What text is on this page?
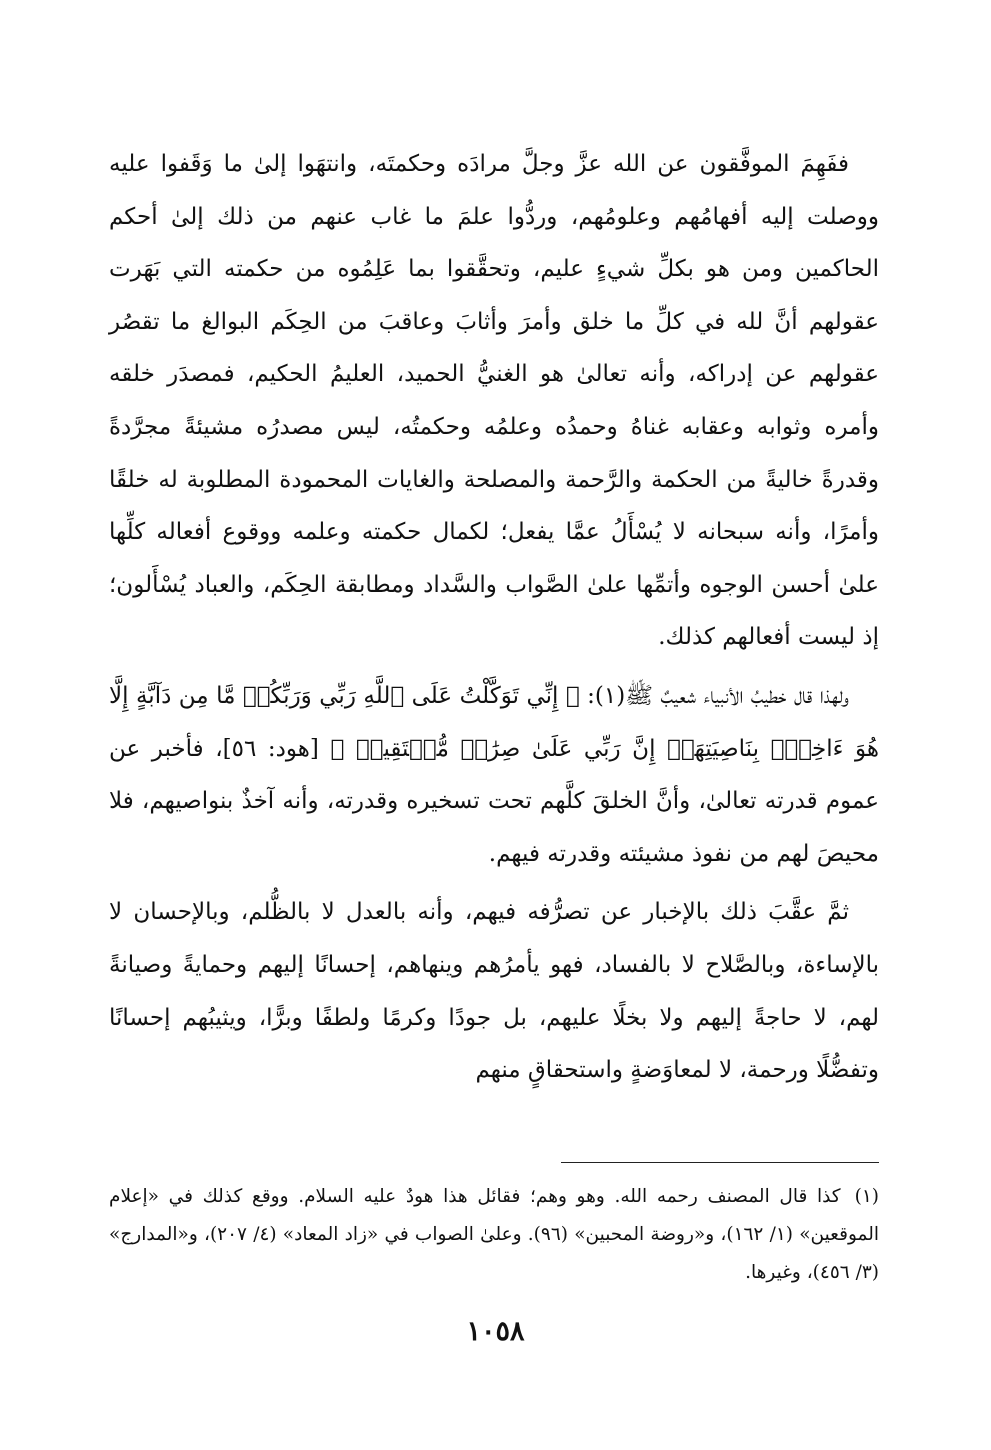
ففَهِمَ الموفَّقون عن الله عزَّ وجلَّ مرادَه وحكمتَه، وانتهَوا إلىٰ ما وَقَفوا عليه ووصلت إليه أفهامُهم وعلومُهم، وردُّوا علمَ ما غاب عنهم من ذلك إلىٰ أحكم الحاكمين ومن هو بكلِّ شيءٍ عليم، وتحقَّقوا بما عَلِمُوه من حكمته التي بَهَرت عقولهم أنَّ لله في كلِّ ما خلق وأمرَ وأثابَ وعاقبَ من الحِكَم البوالغ ما تقصُر عقولهم عن إدراكه، وأنه تعالىٰ هو الغنيُّ الحميد، العليمُ الحكيم، فمصدَر خلقه وأمره وثوابه وعقابه غناهُ وحمدُه وعلمُه وحكمتُه، ليس مصدرُه مشيئةً مجرَّدةً وقدرةً خاليةً من الحكمة والرَّحمة والمصلحة والغايات المحمودة المطلوبة له خلقًا وأمرًا، وأنه سبحانه لا يُسْأَلُ عمَّا يفعل؛ لكمال حكمته وعلمه ووقوع أفعاله كلِّها علىٰ أحسن الوجوه وأتمِّها علىٰ الصَّواب والسَّداد ومطابقة الحِكَم، والعباد يُسْأَلون؛ إذ ليست أفعالهم كذلك.

ولهذا قال خطيبُ الأنبياء شعيبٌ ﷺ(١): ﴿ إِنِّي تَوَكَّلْتُ عَلَى ٱللَّهِ رَبِّي وَرَبِّكُمۚ مَّا مِن دَآبَّةٍ إِلَّا هُوَ ءَاخِذُۢ بِنَاصِيَتِهَآۚ إِنَّ رَبِّي عَلَىٰ صِرَٰطٖ مُّسۡتَقِيمٖ ﴾ [هود: ٥٦]، فأخبر عن عموم قدرته تعالىٰ، وأنَّ الخلقَ كلَّهم تحت تسخيره وقدرته، وأنه آخذٌ بنواصيهم، فلا محيصَ لهم من نفوذ مشيئته وقدرته فيهم.

ثمَّ عقَّبَ ذلك بالإخبار عن تصرُّفه فيهم، وأنه بالعدل لا بالظُّلم، وبالإحسان لا بالإساءة، وبالصَّلاح لا بالفساد، فهو يأمرُهم وينهاهم، إحسانًا إليهم وحمايةً وصيانةً لهم، لا حاجةً إليهم ولا بخلًا عليهم، بل جودًا وكرمًا ولطفًا وبرًّا، ويثيبُهم إحسانًا وتفضُّلًا ورحمة، لا لمعاوَضةٍ واستحقاقٍ منهم

(١)كذا قال المصنف رحمه الله. وهو وهم؛ فقائل هذا هودٌ عليه السلام. ووقع كذلك في «إعلام الموقعين» (١/ ١٦٢)، و«روضة المحبين» (٩٦). وعلىٰ الصواب في «زاد المعاد» (٤/ ٢٠٧)، و«المدارج» (٣/ ٤٥٦)، وغيرها.

١٠٥٨
